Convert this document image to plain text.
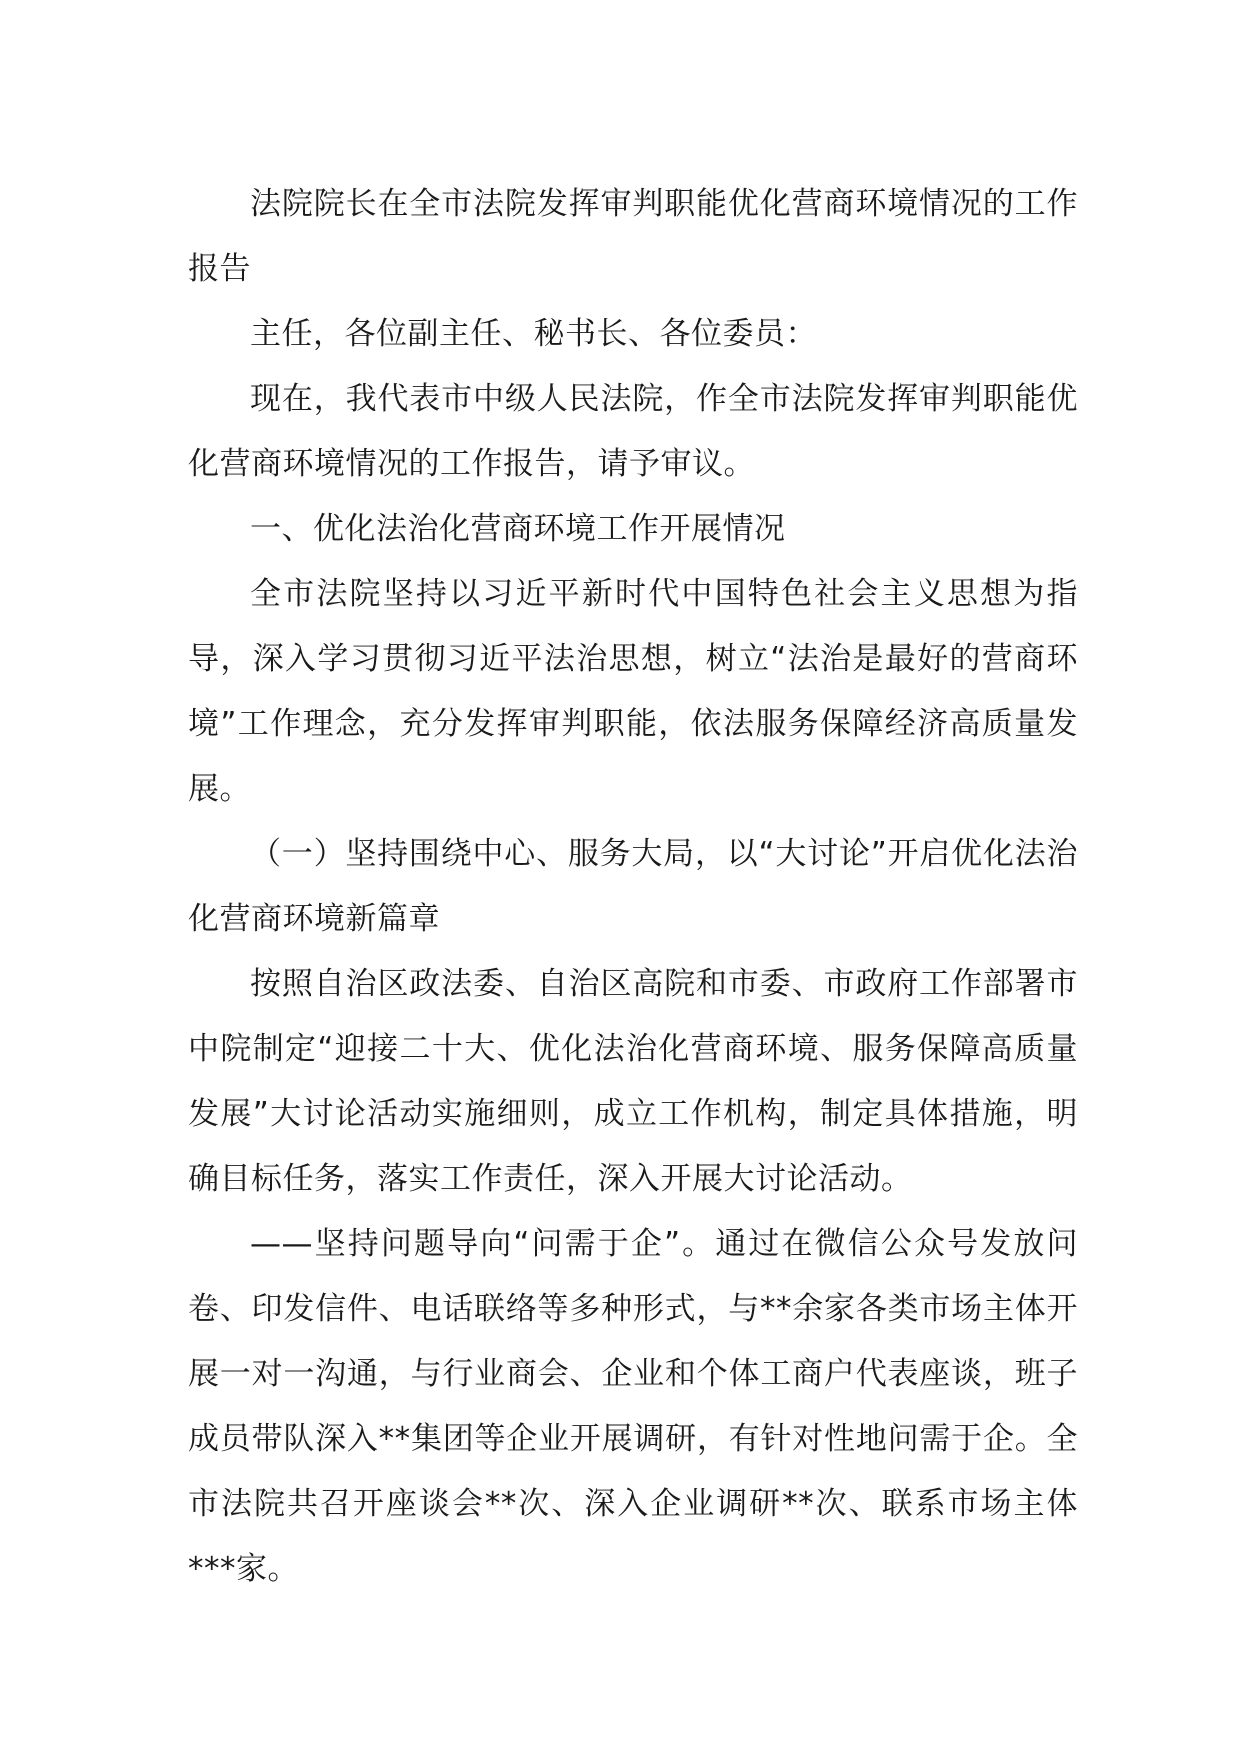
法院院长在全市法院发挥审判职能优化营商环境情况的工作报告

主任，各位副主任、秘书长、各位委员：

现在，我代表市中级人民法院，作全市法院发挥审判职能优化营商环境情况的工作报告，请予审议。

一、优化法治化营商环境工作开展情况

全市法院坚持以习近平新时代中国特色社会主义思想为指导，深入学习贯彻习近平法治思想，树立“法治是最好的营商环境”工作理念，充分发挥审判职能，依法服务保障经济高质量发展。

（一）坚持围绕中心、服务大局，以“大讨论”开启优化法治化营商环境新篇章

按照自治区政法委、自治区高院和市委、市政府工作部署市中院制定“迎接二十大、优化法治化营商环境、服务保障高质量发展”大讨论活动实施细则，成立工作机构，制定具体措施，明确目标任务，落实工作责任，深入开展大讨论活动。

——坚持问题导向“问需于企”。通过在微信公众号发放问卷、印发信件、电话联络等多种形式，与**余家各类市场主体开展一对一沟通，与行业商会、企业和个体工商户代表座谈，班子成员带队深入**集团等企业开展调研，有针对性地问需于企。全市法院共召开座谈会**次、深入企业调研**次、联系市场主体***家。
